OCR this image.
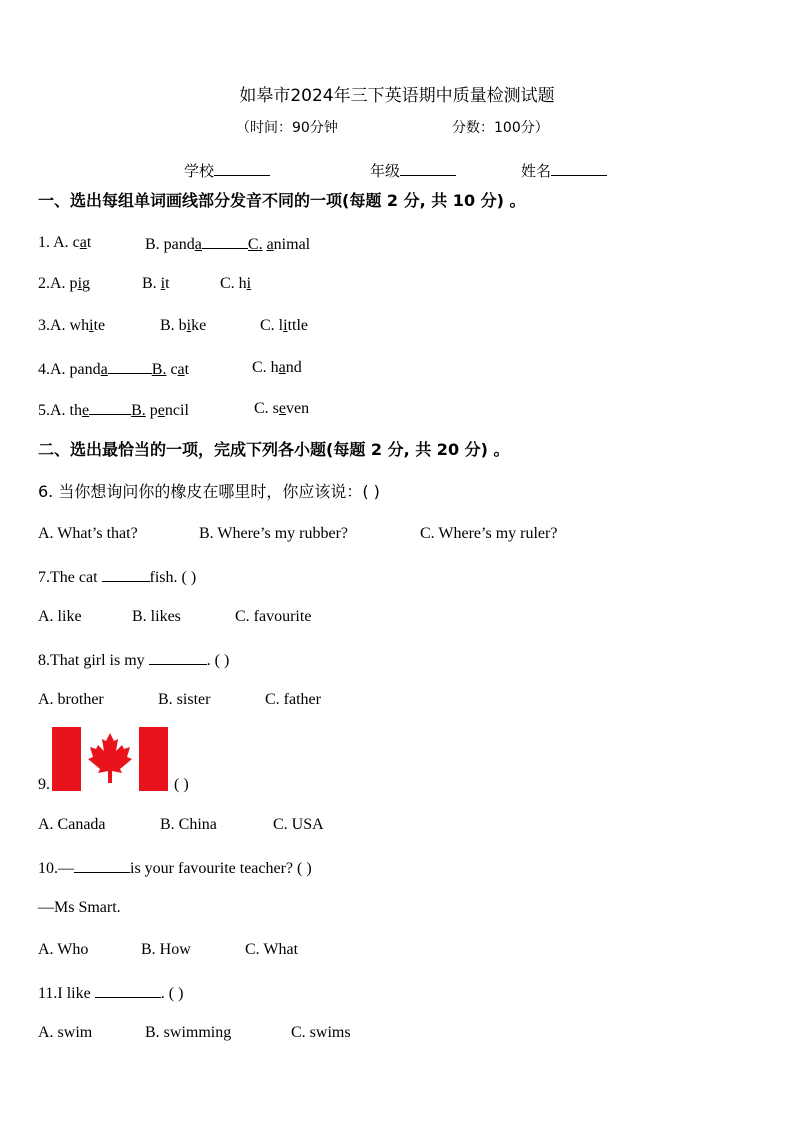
如皋市2024年三下英语期中质量检测试题
（时间：90分钟	分数：100分）
学校	年级	姓名
一、选出每组单词画线部分发音不同的一项(每题 2 分, 共 10 分) 。
1. A. cat	B. panda	C. animal
2.A. pig	B. it	C. hi
3.A. white	B. bike	C. little
4.A. panda	B. cat	C. hand
5.A. the	B. pencil	C. seven
二、选出最恰当的一项，完成下列各小题(每题 2 分, 共 20 分) 。
6. 当你想询问你的橡皮在哪里时，你应该说：( )
A. What’s that?	B. Where’s my rubber?	C. Where’s my ruler?
7.The cat	fish. ( )
A. like	B. likes	C. favourite
8.That girl is my	. ( )
A. brother	B. sister	C. father
9.	( )
A. Canada	B. China	C. USA
10.—	is your favourite teacher? ( )
—Ms Smart.
A. Who	B. How	C. What
11.I like	. ( )
A. swim	B. swimming	C. swims
